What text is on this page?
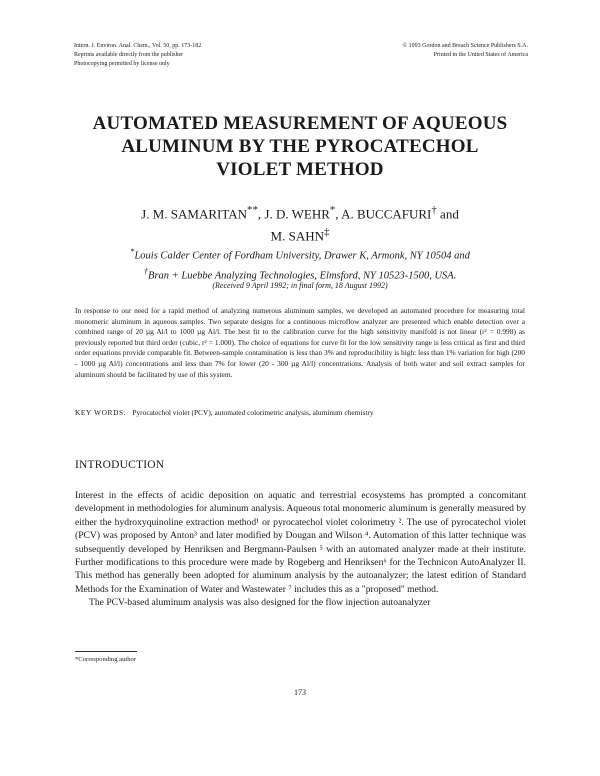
Intern. J. Environ. Anal. Chem., Vol. 50, pp. 173-182
Reprints available directly from the publisher
Photocopying permitted by license only
© 1993 Gordon and Breach Science Publishers S.A.
Printed in the United States of America
AUTOMATED MEASUREMENT OF AQUEOUS
ALUMINUM BY THE PYROCATECHOL
VIOLET METHOD
J. M. SAMARITAN**, J. D. WEHR*, A. BUCCAFURI† and
M. SAHN‡
*Louis Calder Center of Fordham University, Drawer K, Armonk, NY 10504 and
†Bran + Luebbe Analyzing Technologies, Elmsford, NY 10523-1500, USA.
(Received 9 April 1992; in final form, 18 August 1992)
In response to our need for a rapid method of analyzing numerous aluminum samples, we developed an automated procedure for measuring total monomeric aluminum in aqueous samples. Two separate designs for a continuous microflow analyzer are presented which enable detection over a combined range of 20 µg Al/l to 1000 µg Al/l. The best fit to the calibration curve for the high sensitivity manifold is not linear (r² = 0.998) as previously reported but third order (cubic, r² = 1.000). The choice of equations for curve fit for the low sensitivity range is less critical as first and third order equations provide comparable fit. Between-sample contamination is less than 3% and reproducibility is high: less than 1% variation for high (200 - 1000 µg Al/l) concentrations and less than 7% for lower (20 - 300 µg Al/l) concentrations. Analysis of both water and soil extract samples for aluminum should be facilitated by use of this system.
KEY WORDS: Pyrocatechol violet (PCV), automated colorimetric analysis, aluminum chemistry
INTRODUCTION

Interest in the effects of acidic deposition on aquatic and terrestrial ecosystems has prompted a concomitant development in methodologies for aluminum analysis. Aqueous total monomeric aluminum is generally measured by either the hydroxyquinoline extraction method¹ or pyrocatechol violet colorimetry ². The use of pyrocatechol violet (PCV) was proposed by Anton³ and later modified by Dougan and Wilson ⁴. Automation of this latter technique was subsequently developed by Henriksen and Bergmann-Paulsen ⁵ with an automated analyzer made at their institute. Further modifications to this procedure were made by Rogeberg and Henriksen⁶ for the Technicon AutoAnalyzer II. This method has generally been adopted for aluminum analysis by the autoanalyzer; the latest edition of Standard Methods for the Examination of Water and Wastewater ⁷ includes this as a "proposed" method.

The PCV-based aluminum analysis was also designed for the flow injection autoanalyzer

*Corresponding author
173
